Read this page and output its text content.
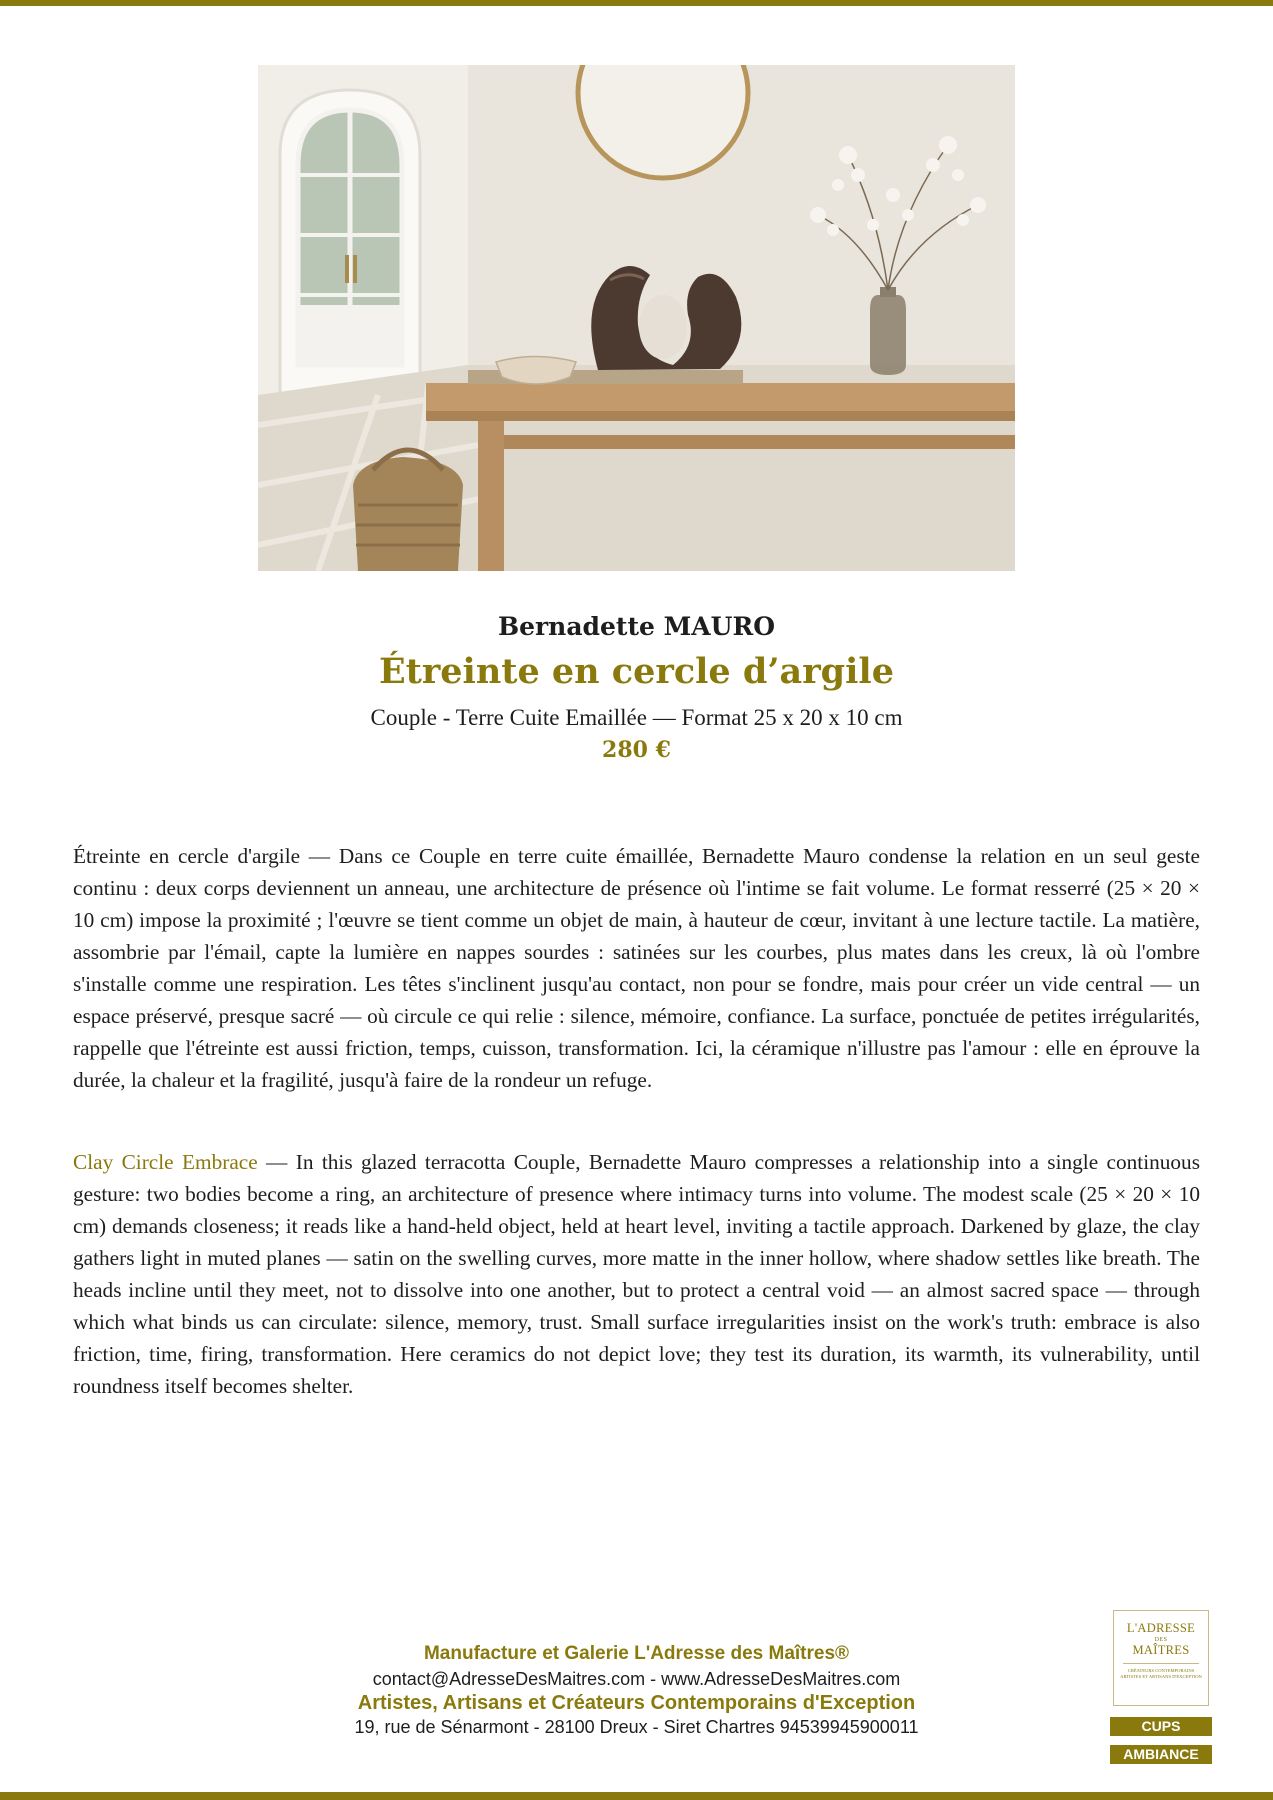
Bernadette MAURO
Étreinte en cercle d’argile
Couple - Terre Cuite Emaillée — Format 25 x 20 x 10 cm
280 €

Étreinte en cercle d'argile — Dans ce Couple en terre cuite émaillée, Bernadette Mauro condense la relation en un seul geste continu : deux corps deviennent un anneau, une architecture de présence où l'intime se fait volume. Le format resserré (25 × 20 × 10 cm) impose la proximité ; l'œuvre se tient comme un objet de main, à hauteur de cœur, invitant à une lecture tactile. La matière, assombrie par l'émail, capte la lumière en nappes sourdes : satinées sur les courbes, plus mates dans les creux, là où l'ombre s'installe comme une respiration. Les têtes s'inclinent jusqu'au contact, non pour se fondre, mais pour créer un vide central — un espace préservé, presque sacré — où circule ce qui relie : silence, mémoire, confiance. La surface, ponctuée de petites irrégularités, rappelle que l'étreinte est aussi friction, temps, cuisson, transformation. Ici, la céramique n'illustre pas l'amour : elle en éprouve la durée, la chaleur et la fragilité, jusqu'à faire de la rondeur un refuge.

Clay Circle Embrace — In this glazed terracotta Couple, Bernadette Mauro compresses a relationship into a single continuous gesture: two bodies become a ring, an architecture of presence where intimacy turns into volume. The modest scale (25 × 20 × 10 cm) demands closeness; it reads like a hand-held object, held at heart level, inviting a tactile approach. Darkened by glaze, the clay gathers light in muted planes — satin on the swelling curves, more matte in the inner hollow, where shadow settles like breath. The heads incline until they meet, not to dissolve into one another, but to protect a central void — an almost sacred space — through which what binds us can circulate: silence, memory, trust. Small surface irregularities insist on the work's truth: embrace is also friction, time, firing, transformation. Here ceramics do not depict love; they test its duration, its warmth, its vulnerability, until roundness itself becomes shelter.

Manufacture et Galerie L'Adresse des Maîtres®
contact@AdresseDesMaitres.com - www.AdresseDesMaitres.com
Artistes, Artisans et Créateurs Contemporains d'Exception
19, rue de Sénarmont - 28100 Dreux - Siret Chartres 94539945900011
L'ADRESSE
DES
MAÎTRES
CRÉATEURS CONTEMPORAINS ARTISTES ET ARTISANS D'EXCEPTION
CUPS
AMBIANCE
